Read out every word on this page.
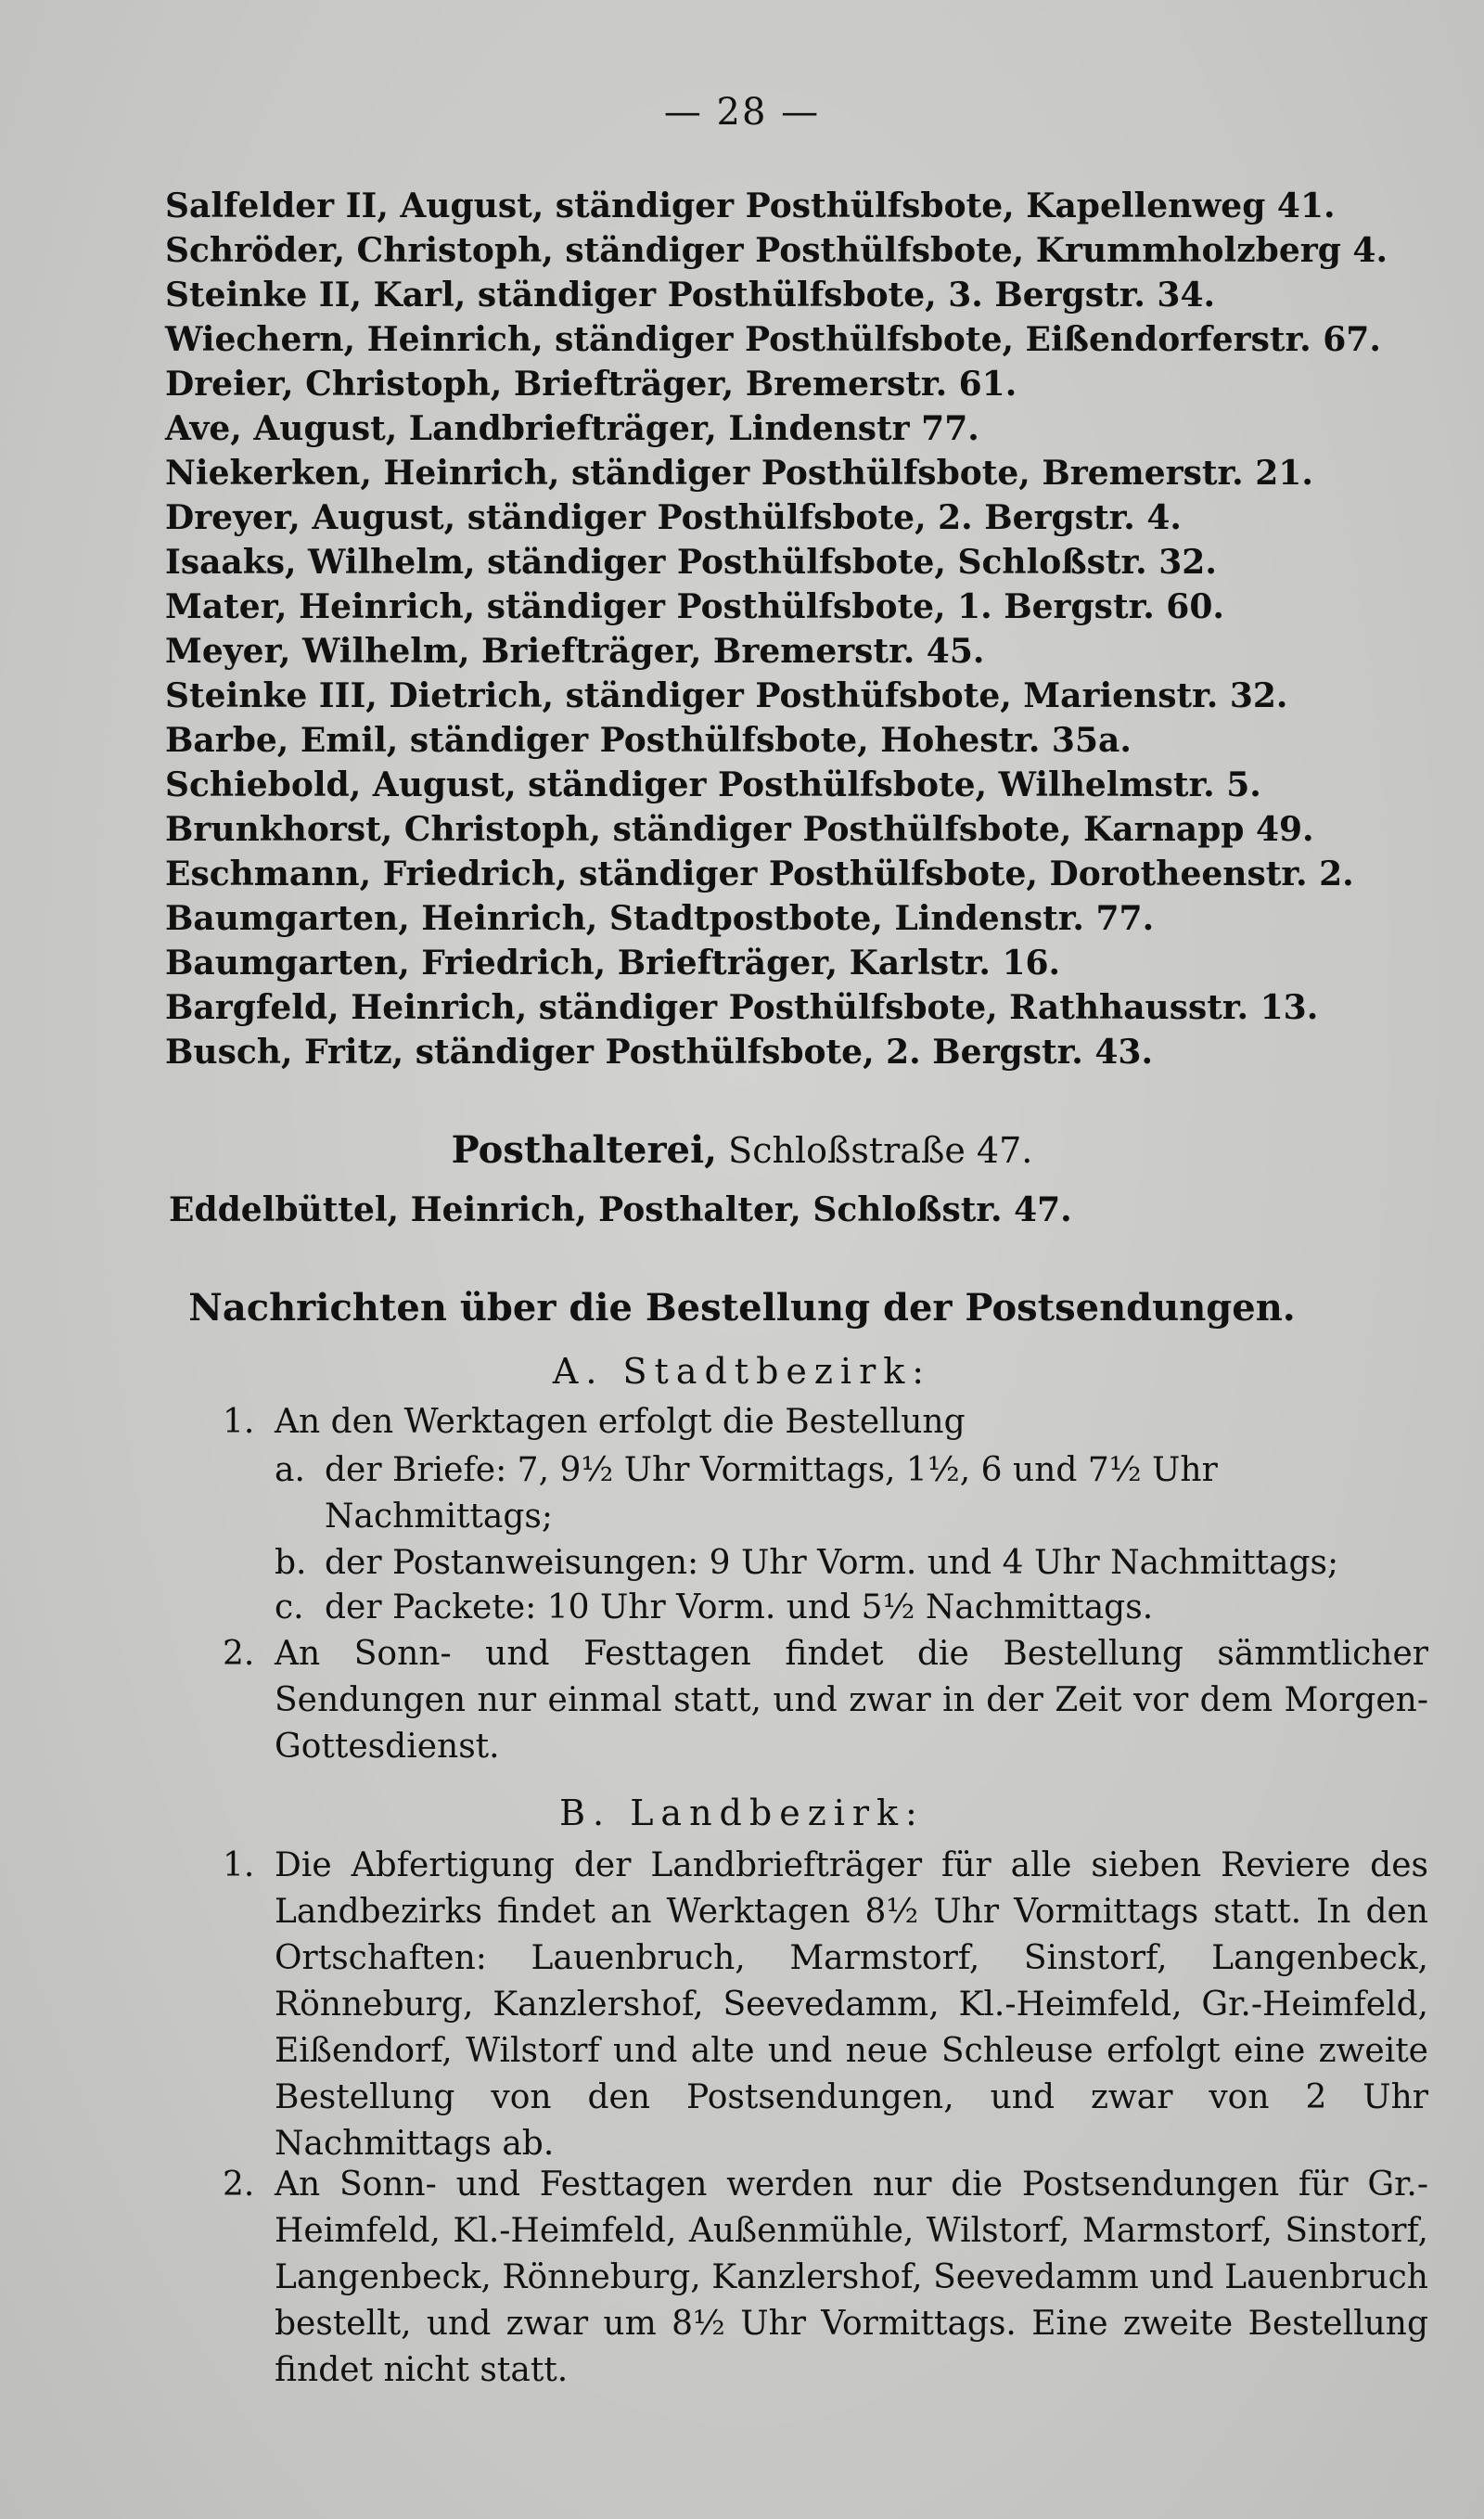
— 28 —
Salfelder II, August, ständiger Posthülfsbote, Kapellenweg 41.
Schröder, Christoph, ständiger Posthülfsbote, Krummholzberg 4.
Steinke II, Karl, ständiger Posthülfsbote, 3. Bergstr. 34.
Wiechern, Heinrich, ständiger Posthülfsbote, Eißendorferstr. 67.
Dreier, Christoph, Briefträger, Bremerstr. 61.
Ave, August, Landbriefträger, Lindenstr 77.
Niekerken, Heinrich, ständiger Posthülfsbote, Bremerstr. 21.
Dreyer, August, ständiger Posthülfsbote, 2. Bergstr. 4.
Isaaks, Wilhelm, ständiger Posthülfsbote, Schloßstr. 32.
Mater, Heinrich, ständiger Posthülfsbote, 1. Bergstr. 60.
Meyer, Wilhelm, Briefträger, Bremerstr. 45.
Steinke III, Dietrich, ständiger Posthüfsbote, Marienstr. 32.
Barbe, Emil, ständiger Posthülfsbote, Hohestr. 35a.
Schiebold, August, ständiger Posthülfsbote, Wilhelmstr. 5.
Brunkhorst, Christoph, ständiger Posthülfsbote, Karnapp 49.
Eschmann, Friedrich, ständiger Posthülfsbote, Dorotheenstr. 2.
Baumgarten, Heinrich, Stadtpostbote, Lindenstr. 77.
Baumgarten, Friedrich, Briefträger, Karlstr. 16.
Bargfeld, Heinrich, ständiger Posthülfsbote, Rathhausstr. 13.
Busch, Fritz, ständiger Posthülfsbote, 2. Bergstr. 43.
Posthalterei, Schloßstraße 47.
Eddelbüttel, Heinrich, Posthalter, Schloßstr. 47.
Nachrichten über die Bestellung der Postsendungen.
A. Stadtbezirk:
1. An den Werktagen erfolgt die Bestellung
a. der Briefe: 7, 9½ Uhr Vormittags, 1½, 6 und 7½ Uhr
Nachmittags;
b. der Postanweisungen: 9 Uhr Vorm. und 4 Uhr Nachmittags;
c. der Packete: 10 Uhr Vorm. und 5½ Nachmittags.
2. An Sonn- und Festtagen findet die Bestellung sämmtlicher Sendungen nur einmal statt, und zwar in der Zeit vor dem Morgen-Gottesdienst.
B. Landbezirk:
1. Die Abfertigung der Landbriefträger für alle sieben Reviere des Landbezirks findet an Werktagen 8½ Uhr Vormittags statt. In den Ortschaften: Lauenbruch, Marmstorf, Sinstorf, Langenbeck, Rönneburg, Kanzlershof, Seevedamm, Kl.-Heimfeld, Gr.-Heimfeld, Eißendorf, Wilstorf und alte und neue Schleuse erfolgt eine zweite Bestellung von den Postsendungen, und zwar von 2 Uhr Nachmittags ab.
2. An Sonn- und Festtagen werden nur die Postsendungen für Gr.-Heimfeld, Kl.-Heimfeld, Außenmühle, Wilstorf, Marmstorf, Sinstorf, Langenbeck, Rönneburg, Kanzlershof, Seevedamm und Lauenbruch bestellt, und zwar um 8½ Uhr Vormittags. Eine zweite Bestellung findet nicht statt.
